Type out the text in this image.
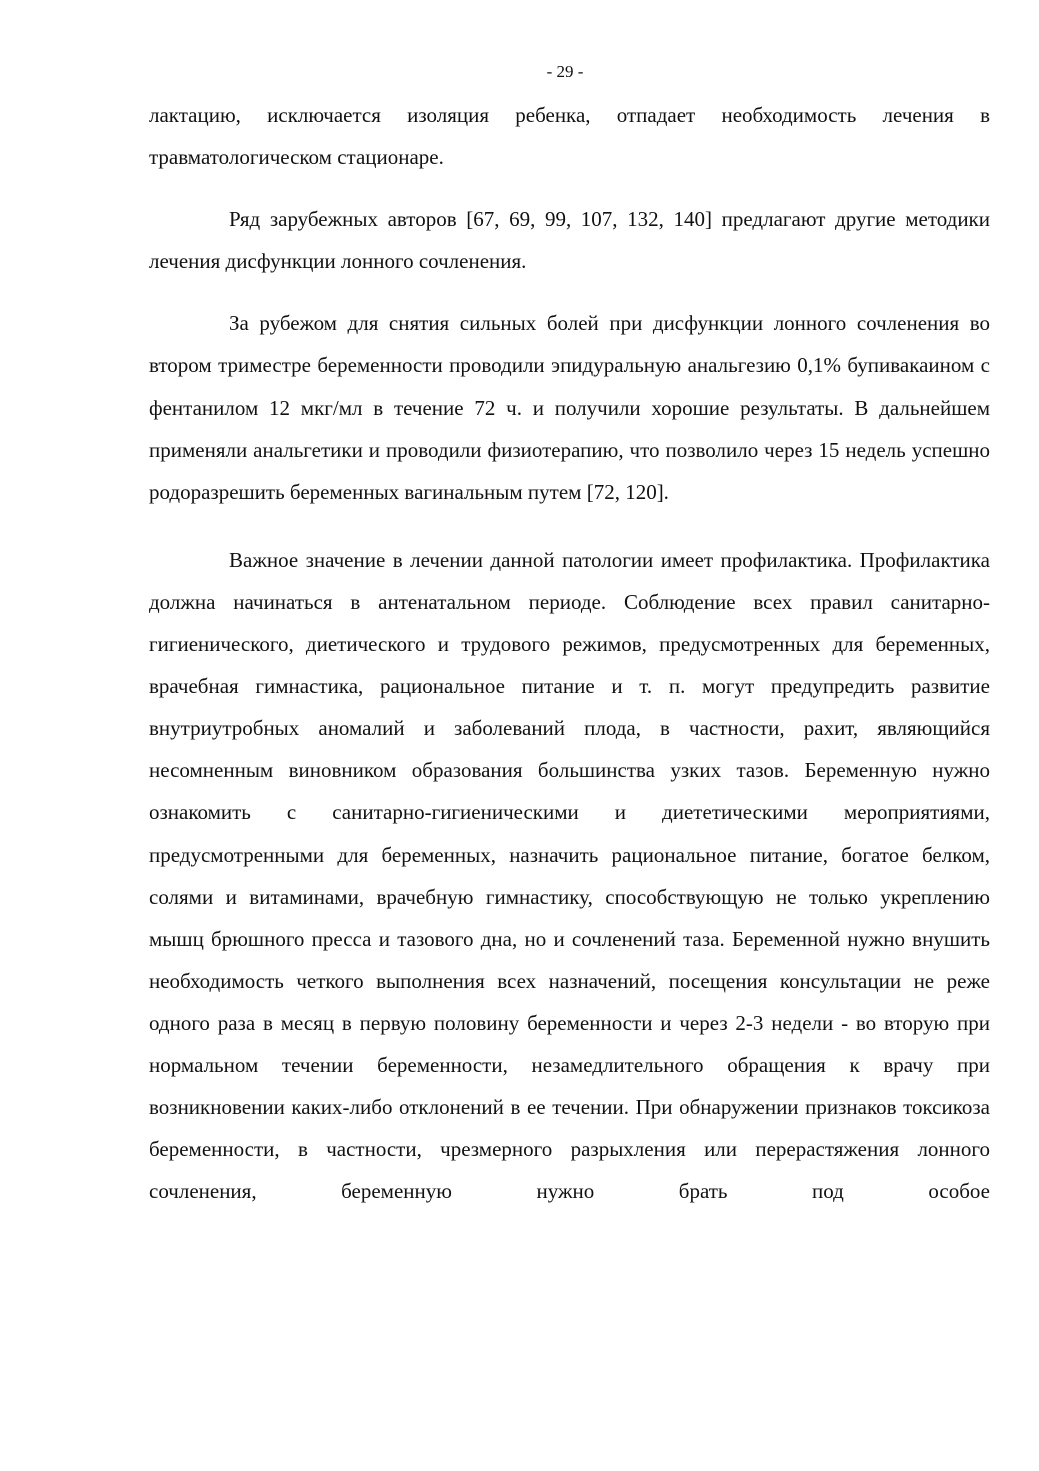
- 29 -

лактацию, исключается изоляция ребенка, отпадает необходимость лечения в травматологическом стационаре.

Ряд зарубежных авторов [67, 69, 99, 107, 132, 140] предлагают другие методики лечения дисфункции лонного сочленения.

За рубежом для снятия сильных болей при дисфункции лонного сочленения во втором триместре беременности проводили эпидуральную анальгезию 0,1% бупивакаином с фентанилом 12 мкг/мл в течение 72 ч. и получили хорошие результаты. В дальнейшем применяли анальгетики и проводили физиотерапию, что позволило через 15 недель успешно родоразрешить беременных вагинальным путем [72, 120].

Важное значение в лечении данной патологии имеет профилактика. Профилактика должна начинаться в антенатальном периоде. Соблюдение всех правил санитарно-гигиенического, диетического и трудового режимов, предусмотренных для беременных, врачебная гимнастика, рациональное питание и т. п. могут предупредить развитие внутриутробных аномалий и заболеваний плода, в частности, рахит, являющийся несомненным виновником образования большинства узких тазов. Беременную нужно ознакомить с санитарно-гигиеническими и диететическими мероприятиями, предусмотренными для беременных, назначить рациональное питание, богатое белком, солями и витаминами, врачебную гимнастику, способствующую не только укреплению мышц брюшного пресса и тазового дна, но и сочленений таза. Беременной нужно внушить необходимость четкого выполнения всех назначений, посещения консультации не реже одного раза в месяц в первую половину беременности и через 2-3 недели - во вторую при нормальном течении беременности, незамедлительного обращения к врачу при возникновении каких-либо отклонений в ее течении. При обнаружении признаков токсикоза беременности, в частности, чрезмерного разрыхления или перерастяжения лонного сочленения, беременную нужно брать под особое
